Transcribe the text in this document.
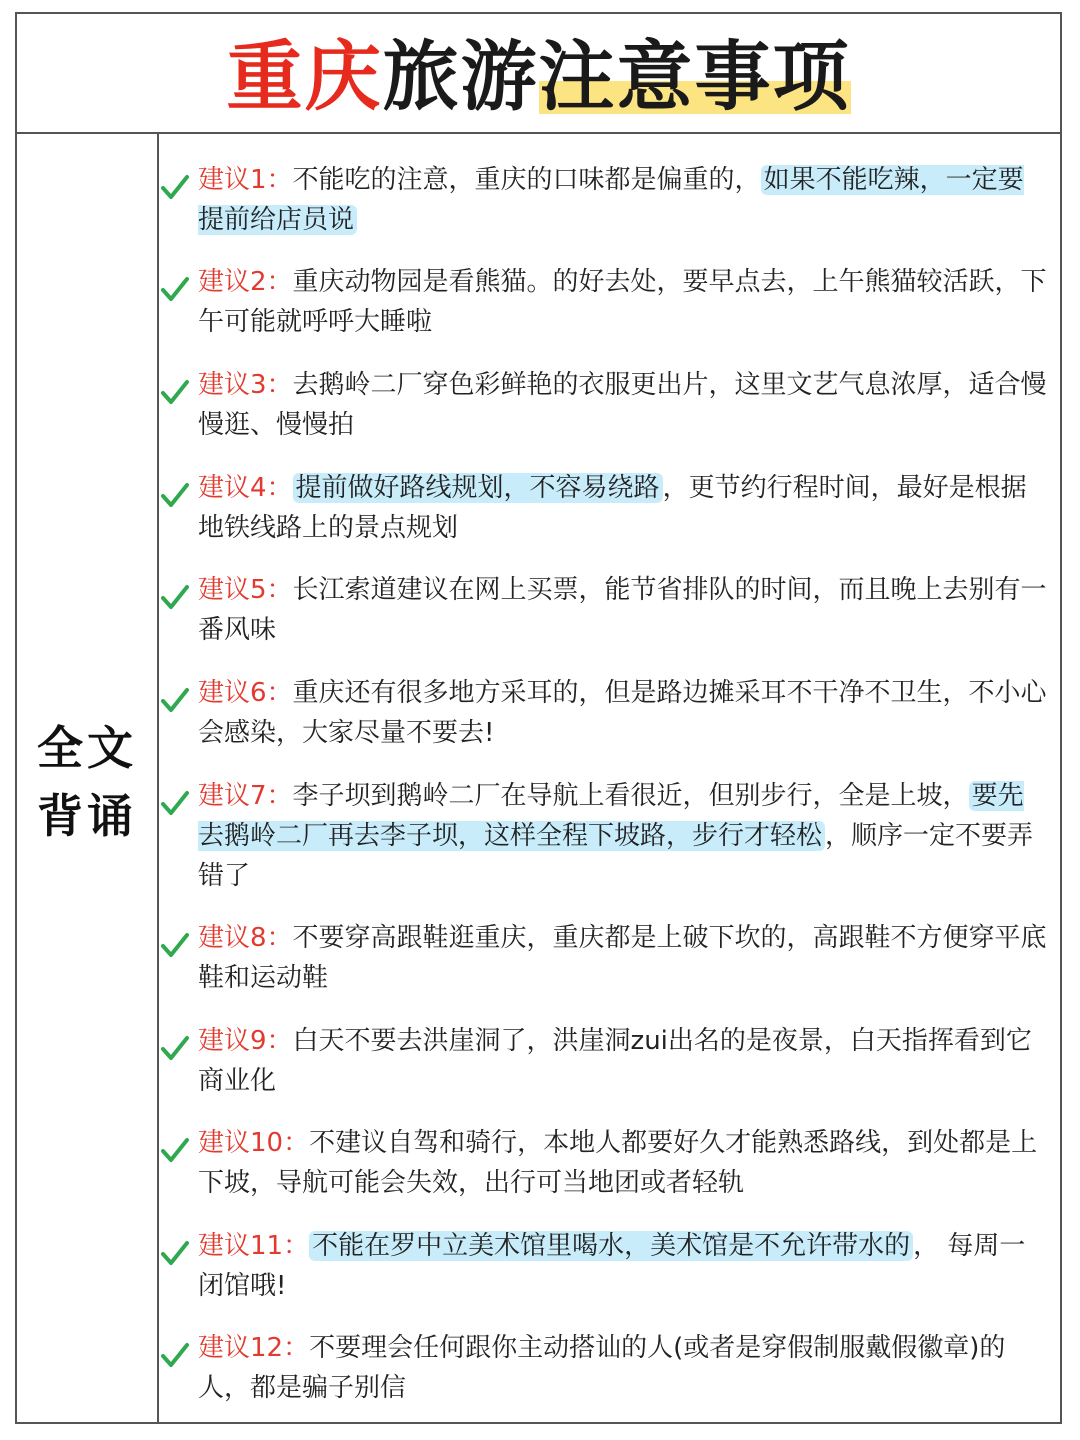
重庆旅游注意事项
全文
背诵
建议1：不能吃的注意，重庆的口味都是偏重的， 如果不能吃辣，一定要提前给店员说
建议2：重庆动物园是看熊猫。的好去处，要早点去，上午熊猫较活跃，下午可能就呼呼大睡啦
建议3：去鹅岭二厂穿色彩鲜艳的衣服更出片，这里文艺气息浓厚，适合慢慢逛、慢慢拍
建议4： 提前做好路线规划，不容易绕路 ，更节约行程时间，最好是根据地铁线路上的景点规划
建议5：长江索道建议在网上买票，能节省排队的时间，而且晚上去别有一番风味
建议6：重庆还有很多地方采耳的，但是路边摊采耳不干净不卫生，不小心会感染，大家尽量不要去!
建议7：李子坝到鹅岭二厂在导航上看很近，但别步行，全是上坡， 要先去鹅岭二厂再去李子坝，这样全程下坡路，步行才轻松 ，顺序一定不要弄错了
建议8：不要穿高跟鞋逛重庆，重庆都是上破下坎的，高跟鞋不方便穿平底鞋和运动鞋
建议9：白天不要去洪崖洞了，洪崖洞zui出名的是夜景，白天指挥看到它商业化
建议10：不建议自驾和骑行，本地人都要好久才能熟悉路线，到处都是上下坡，导航可能会失效，出行可当地团或者轻轨
建议11： 不能在罗中立美术馆里喝水，美术馆是不允许带水的 ， 每周一闭馆哦!
建议12：不要理会任何跟你主动搭讪的人(或者是穿假制服戴假徽章)的人，都是骗子别信
